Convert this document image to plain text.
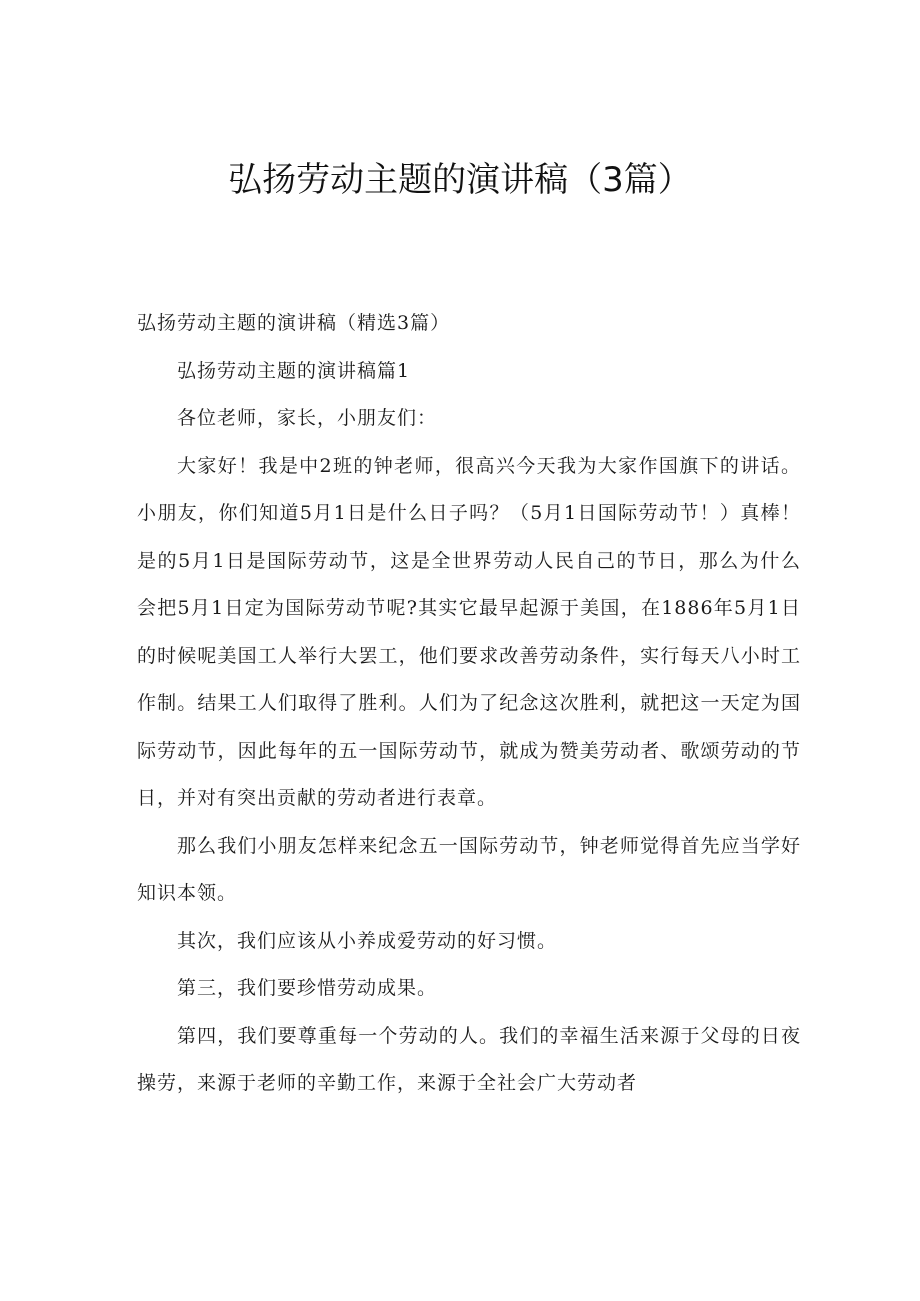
弘扬劳动主题的演讲稿（3篇）

弘扬劳动主题的演讲稿（精选3篇）

弘扬劳动主题的演讲稿篇1

各位老师，家长，小朋友们：

大家好！我是中2班的钟老师，很高兴今天我为大家作国旗下的讲话。小朋友，你们知道5月1日是什么日子吗？（5月1日国际劳动节！）真棒！是的5月1日是国际劳动节，这是全世界劳动人民自己的节日，那么为什么会把5月1日定为国际劳动节呢?其实它最早起源于美国，在1886年5月1日的时候呢美国工人举行大罢工，他们要求改善劳动条件，实行每天八小时工作制。结果工人们取得了胜利。人们为了纪念这次胜利，就把这一天定为国际劳动节，因此每年的五一国际劳动节，就成为赞美劳动者、歌颂劳动的节日，并对有突出贡献的劳动者进行表章。

那么我们小朋友怎样来纪念五一国际劳动节，钟老师觉得首先应当学好知识本领。

其次，我们应该从小养成爱劳动的好习惯。

第三，我们要珍惜劳动成果。

第四，我们要尊重每一个劳动的人。我们的幸福生活来源于父母的日夜操劳，来源于老师的辛勤工作，来源于全社会广大劳动者
